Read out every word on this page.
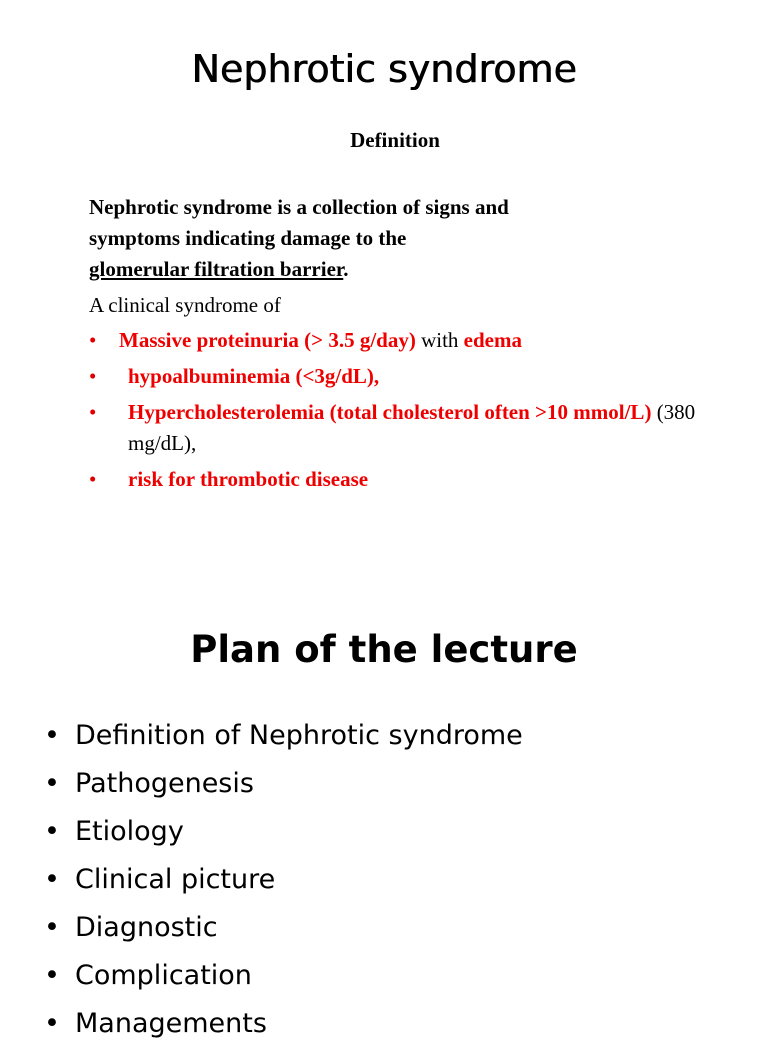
Nephrotic syndrome
Definition
Nephrotic syndrome is a collection of signs and
symptoms indicating damage to the
glomerular filtration barrier.
A clinical syndrome of
•	Massive proteinuria (> 3.5 g/day) with edema
•	hypoalbuminemia (<3g/dL),
•	Hypercholesterolemia (total cholesterol often >10 mmol/L) (380 mg/dL),
•	risk for thrombotic disease
Plan of the lecture
• Definition of Nephrotic syndrome
• Pathogenesis
• Etiology
• Clinical picture
• Diagnostic
• Complication
• Managements
